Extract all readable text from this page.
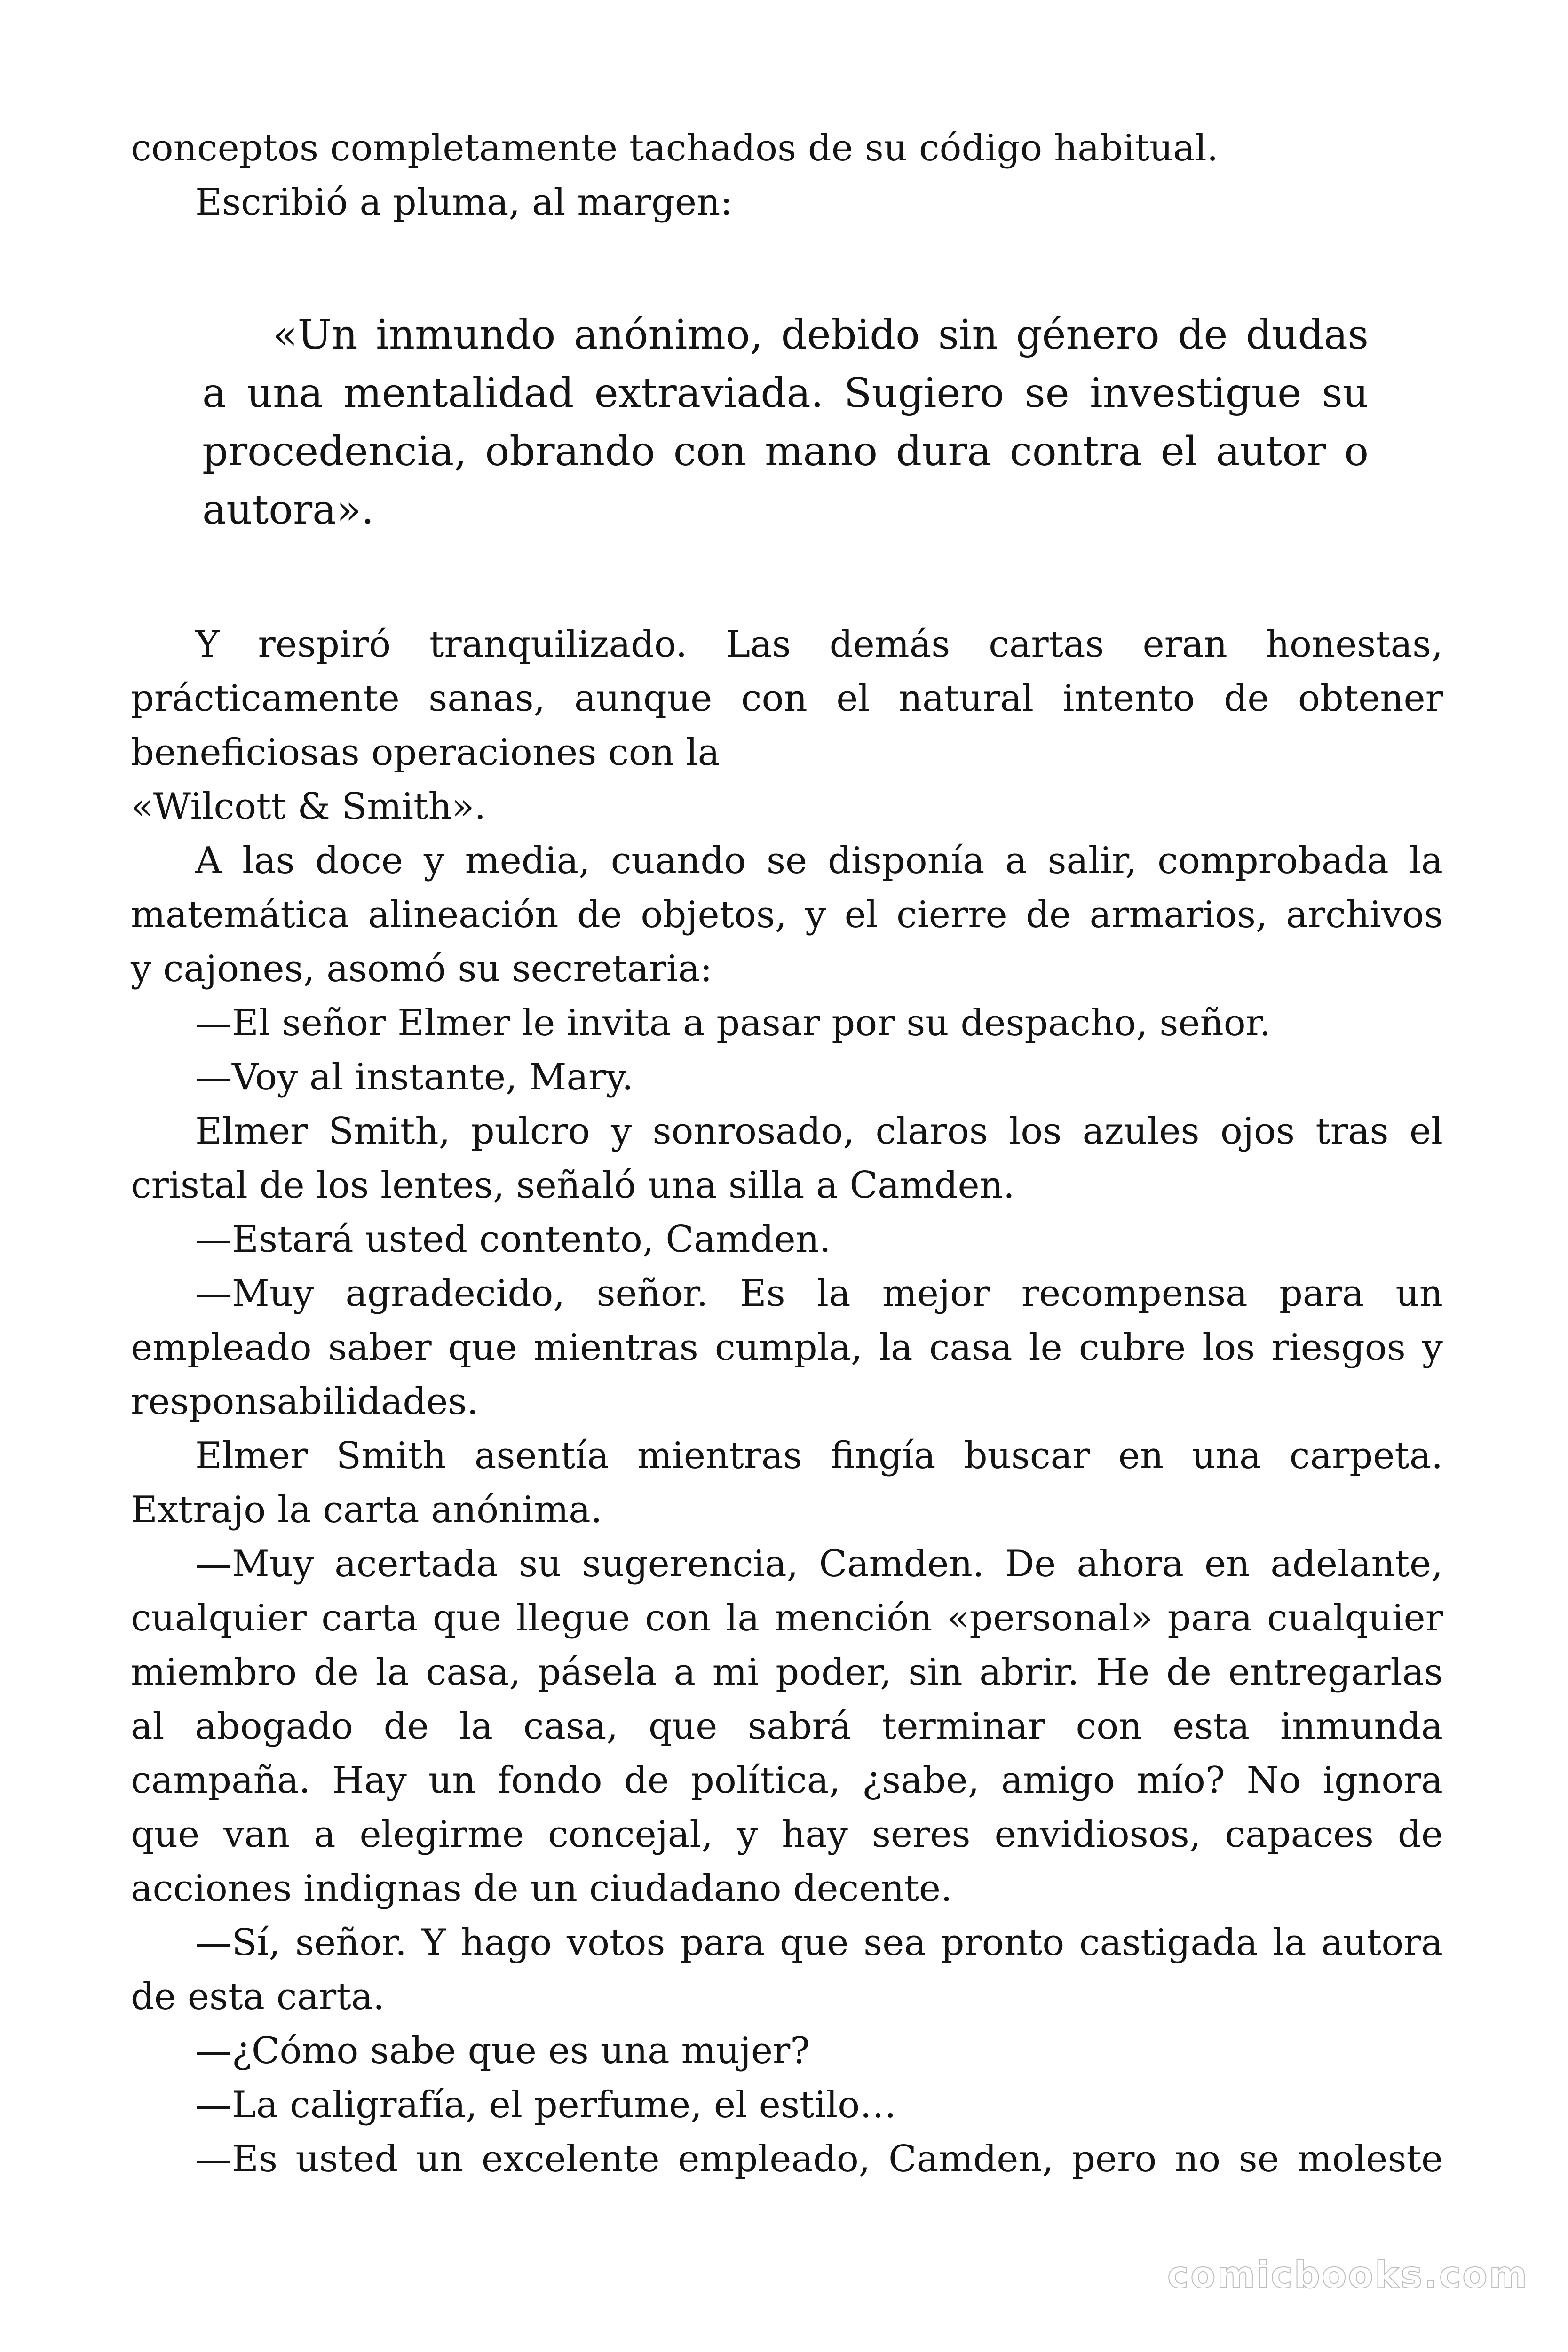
conceptos completamente tachados de su código habitual.
Escribió a pluma, al margen:
«Un inmundo anónimo, debido sin género de dudas
a una mentalidad extraviada. Sugiero se investigue su
procedencia, obrando con mano dura contra el autor o
autora».
Y respiró tranquilizado. Las demás cartas eran honestas,
prácticamente sanas, aunque con el natural intento de obtener
beneficiosas operaciones con la
«Wilcott & Smith».
A las doce y media, cuando se disponía a salir, comprobada la
matemática alineación de objetos, y el cierre de armarios, archivos
y cajones, asomó su secretaria:
—El señor Elmer le invita a pasar por su despacho, señor.
—Voy al instante, Mary.
Elmer Smith, pulcro y sonrosado, claros los azules ojos tras el
cristal de los lentes, señaló una silla a Camden.
—Estará usted contento, Camden.
—Muy agradecido, señor. Es la mejor recompensa para un
empleado saber que mientras cumpla, la casa le cubre los riesgos y
responsabilidades.
Elmer Smith asentía mientras fingía buscar en una carpeta.
Extrajo la carta anónima.
—Muy acertada su sugerencia, Camden. De ahora en adelante,
cualquier carta que llegue con la mención «personal» para cualquier
miembro de la casa, pásela a mi poder, sin abrir. He de entregarlas
al abogado de la casa, que sabrá terminar con esta inmunda
campaña. Hay un fondo de política, ¿sabe, amigo mío? No ignora
que van a elegirme concejal, y hay seres envidiosos, capaces de
acciones indignas de un ciudadano decente.
—Sí, señor. Y hago votos para que sea pronto castigada la autora
de esta carta.
—¿Cómo sabe que es una mujer?
—La caligrafía, el perfume, el estilo…
—Es usted un excelente empleado, Camden, pero no se moleste
comicbooks.com
